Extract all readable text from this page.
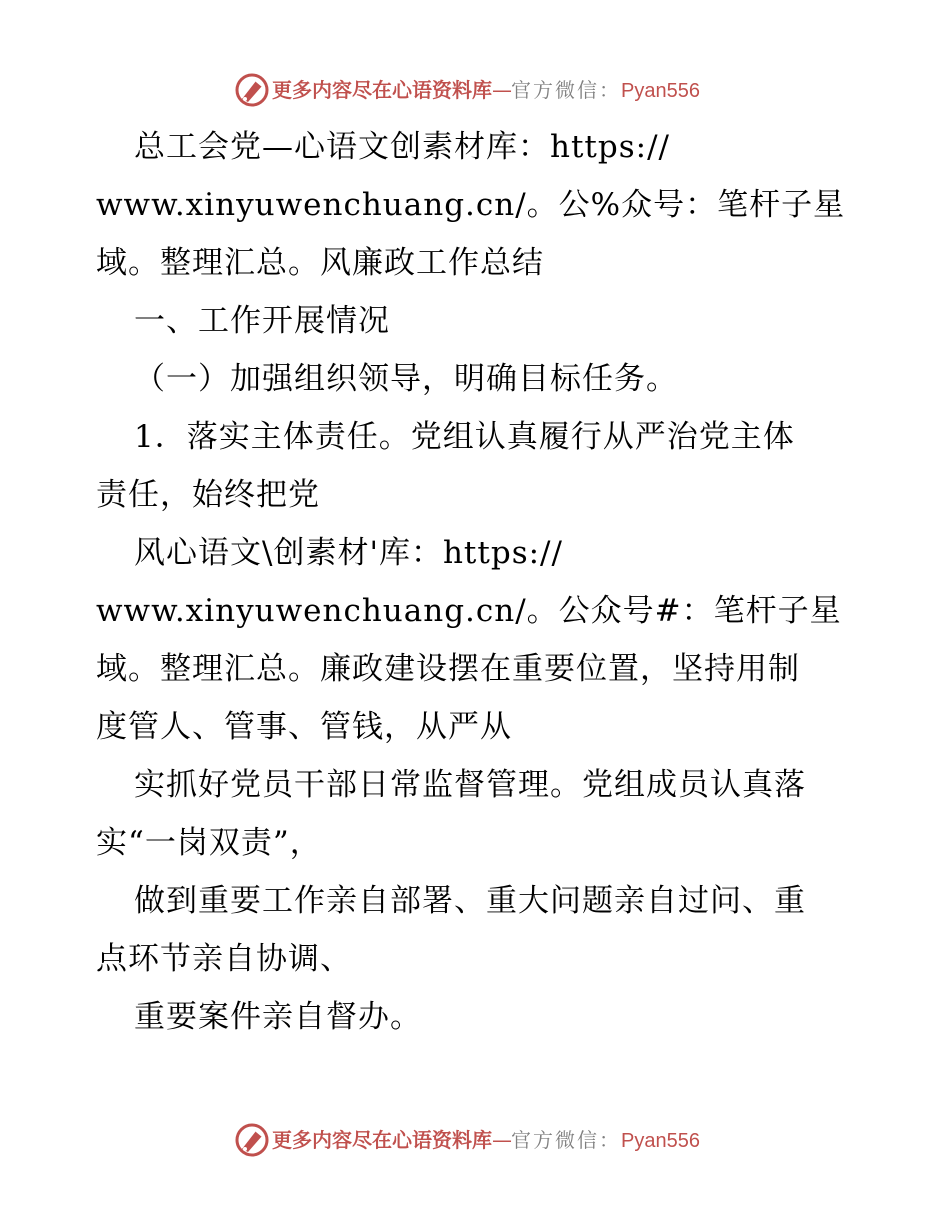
更多内容尽在心语资料库—官方微信：Pyan556
总工会党—心语文创素材库：https://
www.xinyuwenchuang.cn/。公%众号：笔杆子星
域。整理汇总。风廉政工作总结
一、工作开展情况
（一）加强组织领导，明确目标任务。
1．落实主体责任。党组认真履行从严治党主体
责任，始终把党
风心语文\创素材'库：https://
www.xinyuwenchuang.cn/。公众号#：笔杆子星
域。整理汇总。廉政建设摆在重要位置，坚持用制
度管人、管事、管钱，从严从
实抓好党员干部日常监督管理。党组成员认真落
实“一岗双责”，
做到重要工作亲自部署、重大问题亲自过问、重
点环节亲自协调、
重要案件亲自督办。
更多内容尽在心语资料库—官方微信：Pyan556
